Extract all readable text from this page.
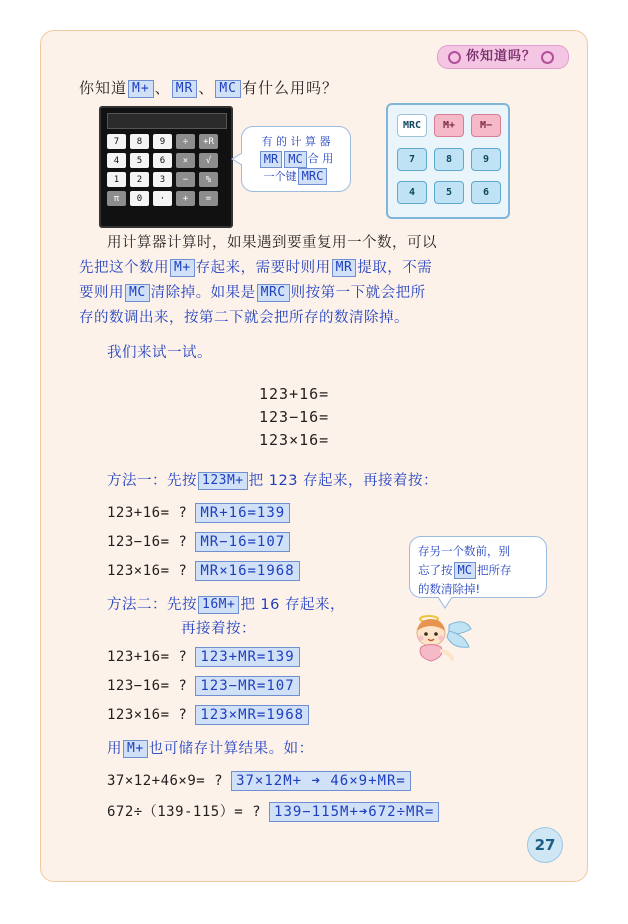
你知道吗？
你知道 M+ 、 MR 、 MC 有什么用吗？
7	8	9	÷	+R
4	5	6	×	√
1	2	3	−	%
π	0	·	+	=
有 的 计 算 器
MR MC 合 用
一个键 MRC
MRC	M+	M−
7	8	9
4	5	6
用计算器计算时，如果遇到要重复用一个数，可以
先把这个数用 M+ 存起来，需要时则用 MR 提取，不需
要则用 MC 清除掉。如果是 MRC 则按第一下就会把所
存的数调出来，按第二下就会把所存的数清除掉。
我们来试一试。
123+16=
123−16=
123×16=
方法一：先按 123M+ 把 123 存起来，再接着按：
123+16= ? MR+16=139
123−16= ? MR−16=107
123×16= ? MR×16=1968
方法二：先按 16M+ 把 16 存起来，
再接着按：
123+16= ? 123+MR=139
123−16= ? 123−MR=107
123×16= ? 123×MR=1968
存另一个数前，别
忘了按 MC 把所存
的数清除掉!
用 M+ 也可储存计算结果。如：
37×12+46×9= ? 37×12M+ ➜ 46×9+MR=
672÷（139-115）= ? 139−115M+➜672÷MR=
27
